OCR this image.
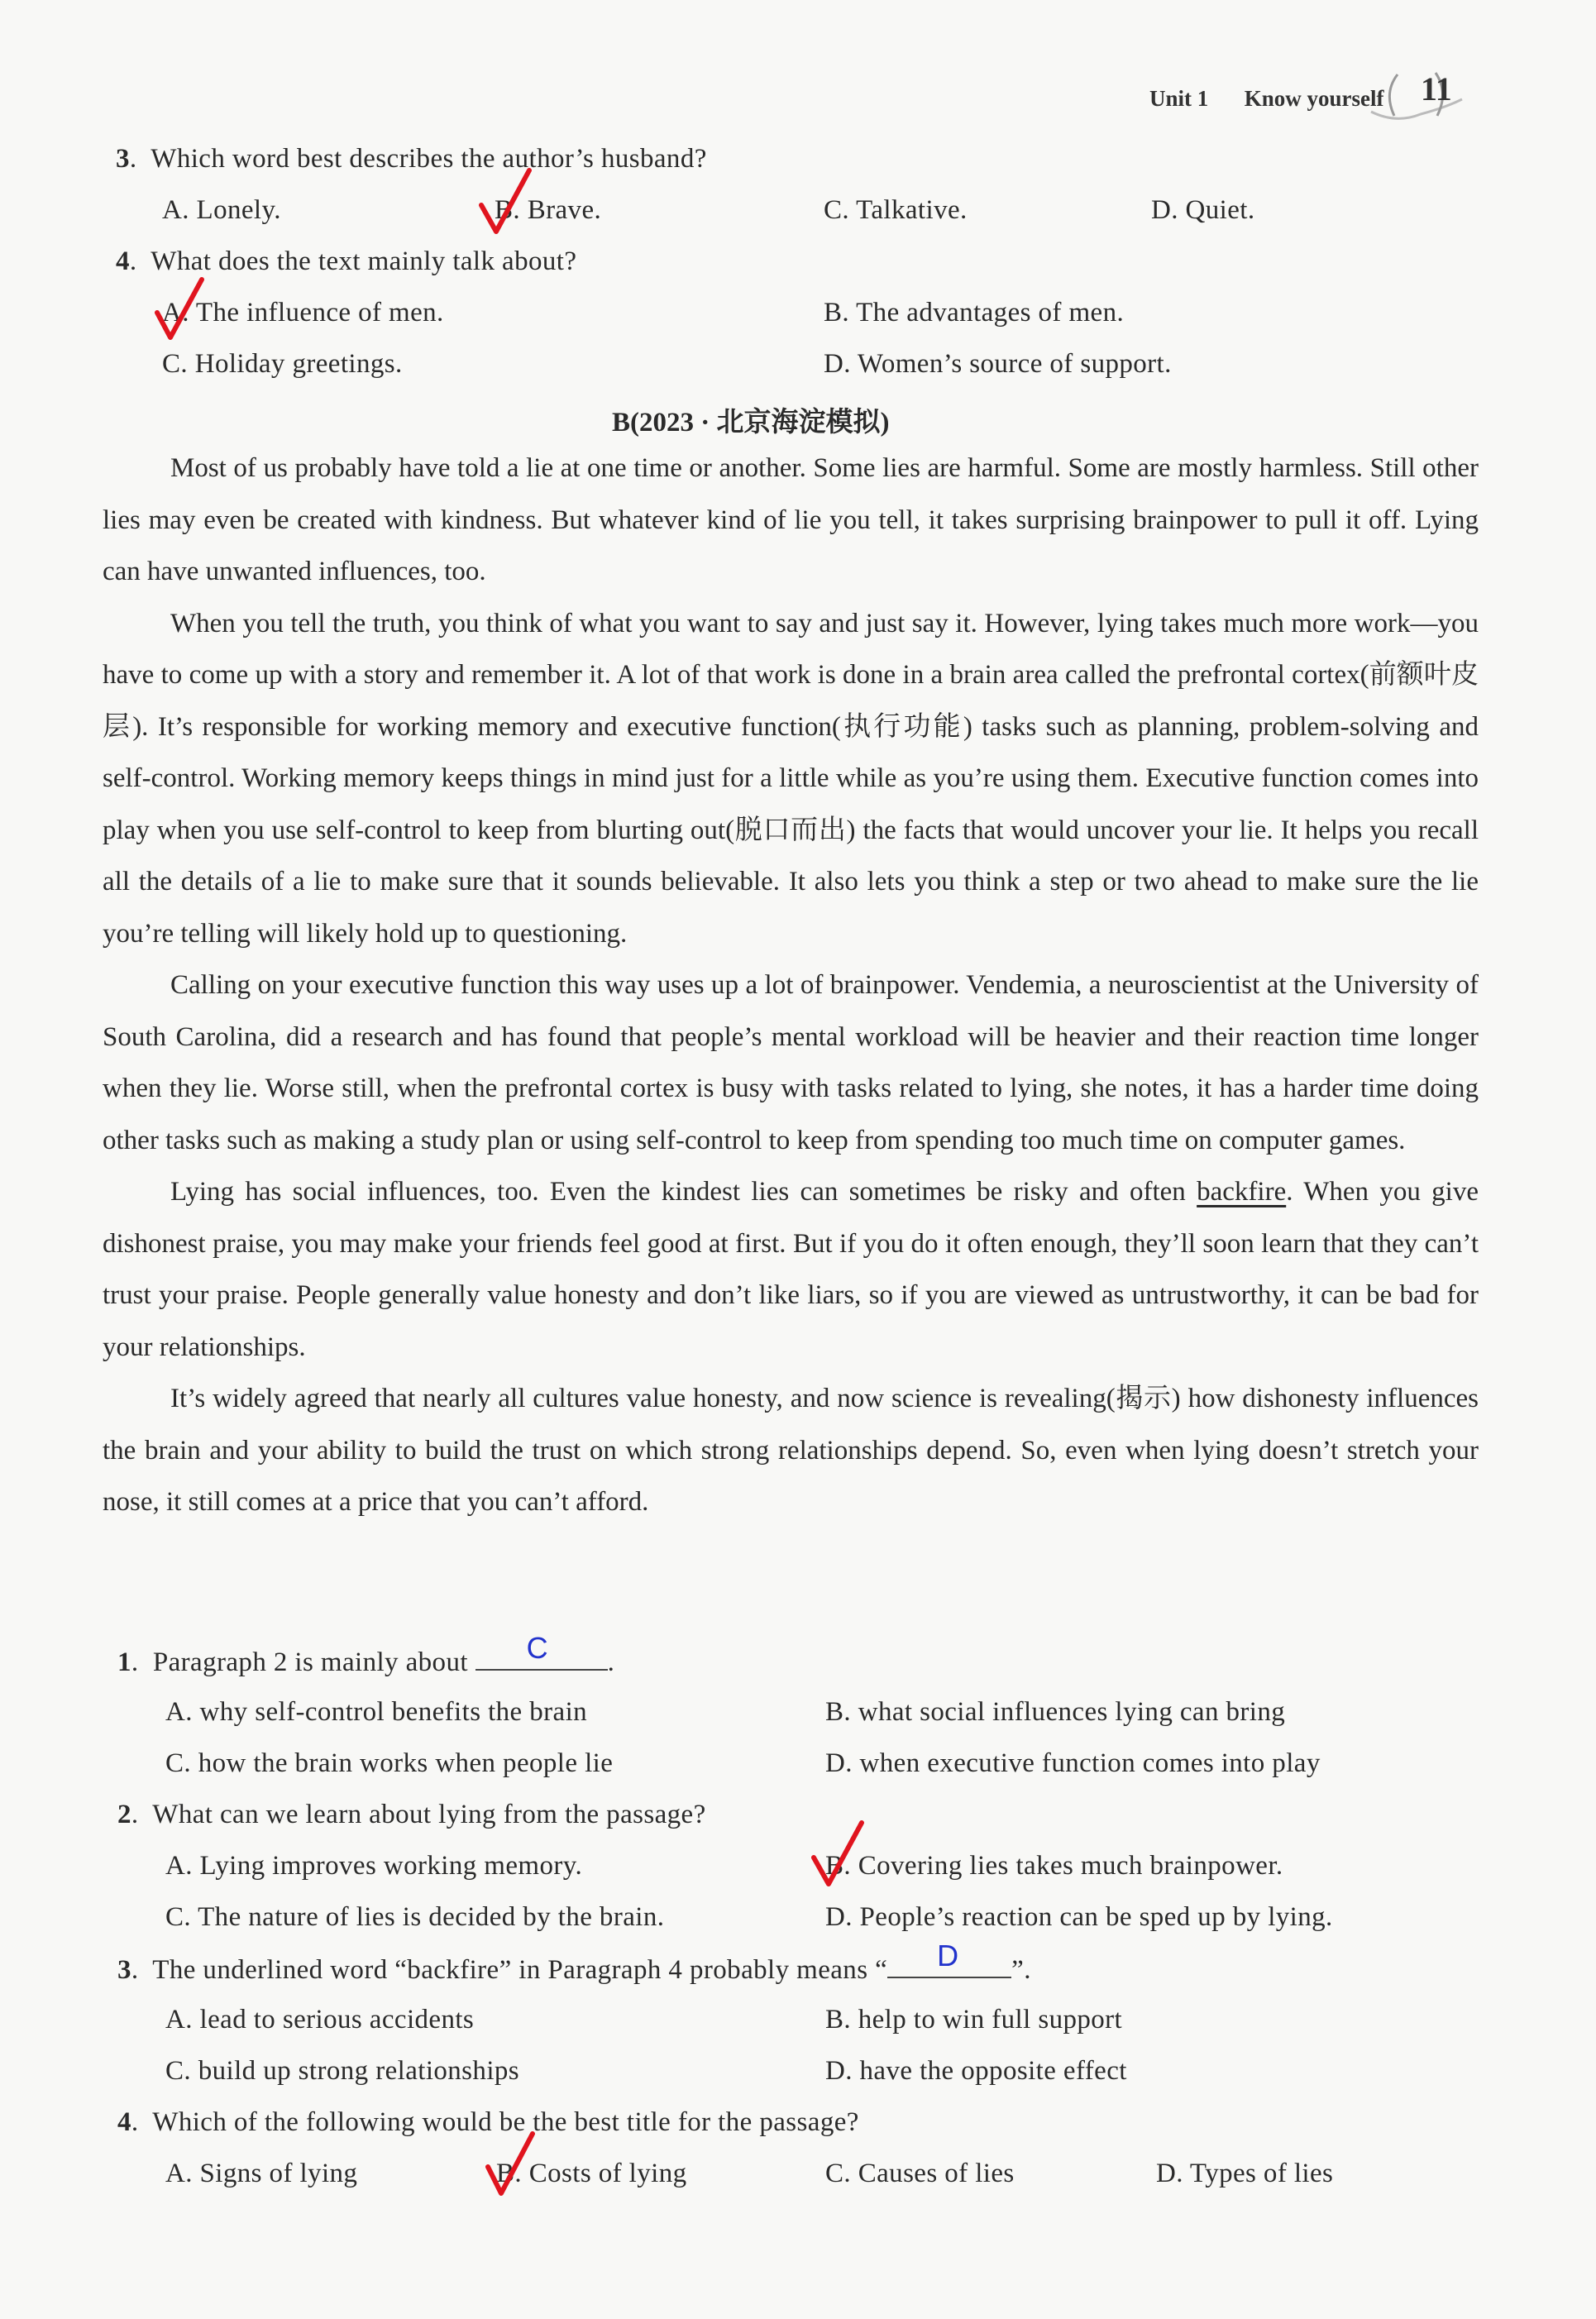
Unit 1 Know yourself 11
3.  Which word best describes the author’s husband?
A. Lonely.	B. Brave.	C. Talkative.	D. Quiet.
4.  What does the text mainly talk about?
A. The influence of men.	B. The advantages of men.
C. Holiday greetings.	D. Women’s source of support.
B(2023 · 北京海淀模拟)

Most of us probably have told a lie at one time or another. Some lies are harmful. Some are mostly harmless. Still other lies may even be created with kindness. But whatever kind of lie you tell, it takes surprising brainpower to pull it off. Lying can have unwanted influences, too.

When you tell the truth, you think of what you want to say and just say it. However, lying takes much more work—you have to come up with a story and remember it. A lot of that work is done in a brain area called the prefrontal cortex(前额叶皮层). It’s responsible for working memory and executive function(执行功能) tasks such as planning, problem-solving and self-control. Working memory keeps things in mind just for a little while as you’re using them. Executive function comes into play when you use self-control to keep from blurting out(脱口而出) the facts that would uncover your lie. It helps you recall all the details of a lie to make sure that it sounds believable. It also lets you think a step or two ahead to make sure the lie you’re telling will likely hold up to questioning.

Calling on your executive function this way uses up a lot of brainpower. Vendemia, a neuroscientist at the University of South Carolina, did a research and has found that people’s mental workload will be heavier and their reaction time longer when they lie. Worse still, when the prefrontal cortex is busy with tasks related to lying, she notes, it has a harder time doing other tasks such as making a study plan or using self-control to keep from spending too much time on computer games.

Lying has social influences, too. Even the kindest lies can sometimes be risky and often backfire. When you give dishonest praise, you may make your friends feel good at first. But if you do it often enough, they’ll soon learn that they can’t trust your praise. People generally value honesty and don’t like liars, so if you are viewed as untrustworthy, it can be bad for your relationships.

It’s widely agreed that nearly all cultures value honesty, and now science is revealing(揭示) how dishonesty influences the brain and your ability to build the trust on which strong relationships depend. So, even when lying doesn’t stretch your nose, it still comes at a price that you can’t afford.

1.  Paragraph 2 is mainly about C .
A. why self-control benefits the brain	B. what social influences lying can bring
C. how the brain works when people lie	D. when executive function comes into play
2.  What can we learn about lying from the passage?
A. Lying improves working memory.	B. Covering lies takes much brainpower.
C. The nature of lies is decided by the brain.	D. People’s reaction can be sped up by lying.
3.  The underlined word “backfire” in Paragraph 4 probably means “ D ”.
A. lead to serious accidents	B. help to win full support
C. build up strong relationships	D. have the opposite effect
4.  Which of the following would be the best title for the passage?
A. Signs of lying	B. Costs of lying	C. Causes of lies	D. Types of lies
